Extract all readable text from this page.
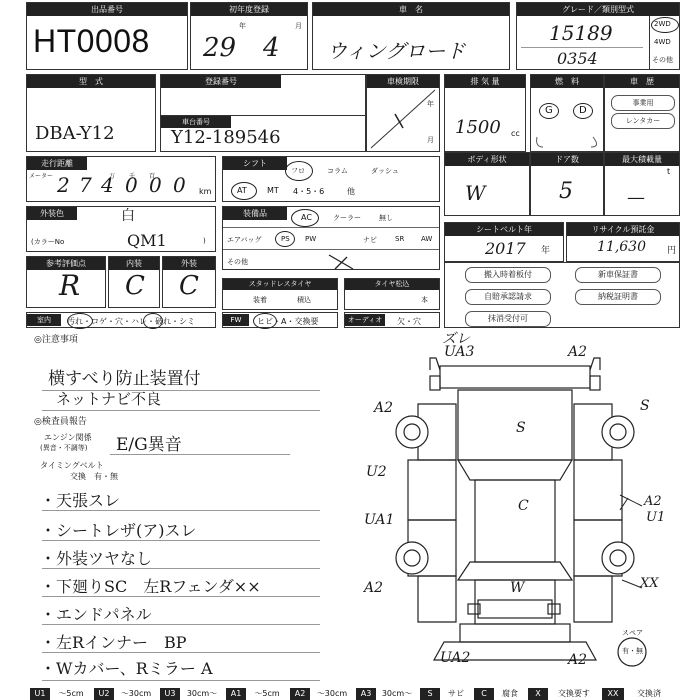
出品番号
HT0008
初年度登録
年	月
29 4
車　名
ウィングロード
グレード／類別型式
15189
0354
2WD
4WD
その他
型　式
DBA-Y12
登録番号
車台番号
Y12-189546
車検期限
年
月
排 気 量
1500 cc
燃　料
G	D
車　歴
事業用
レンタカー
走行距離
メーター 2 7 4 0 0 0
万千百
km
シフト
フロ	コラム	ダッシュ
AT	MT 4・5・6	他
ボディ形状
W
ドア数
5
最大積載量
t
—
外装色	白
(カラーNo	QM1	)
装備品	AC	クーラー	無し
エアバッグ	PS PW	ナビ	SR AW
その他
シートベルト年
2017 年
リサイクル預託金
11,630 円
参考評価点
R
内装
C
外装
C	スタッドレスタイヤ
装着	積込
タイヤ松込
本
搬入時着板付
自賠承認請求
抹消受付可
新車保証書
納税証明書
室内	汚れ・コゲ・穴・ハレ・破れ・シミ	FW	ヒビ・A・交換要	オーディオ	欠・穴
◎注意事項
横すべり防止装置付
ネットナビ不良
◎検査員報告
エンジン関係
(異音・不調等) E/G異音
タイミングベルト
交換　有・無
・天張スレ
・シートレザ(ア)スレ
・外装ツヤなし
・下廻りSC　左Rフェンダ××
・エンドパネル
・左Rインナー　BP
・Wカバー、Rミラー A
ズレ
UA3	A2
A2	S
S
C
U2
UA1
A2
U1
XX
A2	W
UA2	A2
スペア
有・無
U1	～5cm	U2	～30cm	U3	30cm～	A1	～5cm	A2	～30cm	A3	30cm～	S	サビ	C	腐食	X	交換要す	XX	交換済
